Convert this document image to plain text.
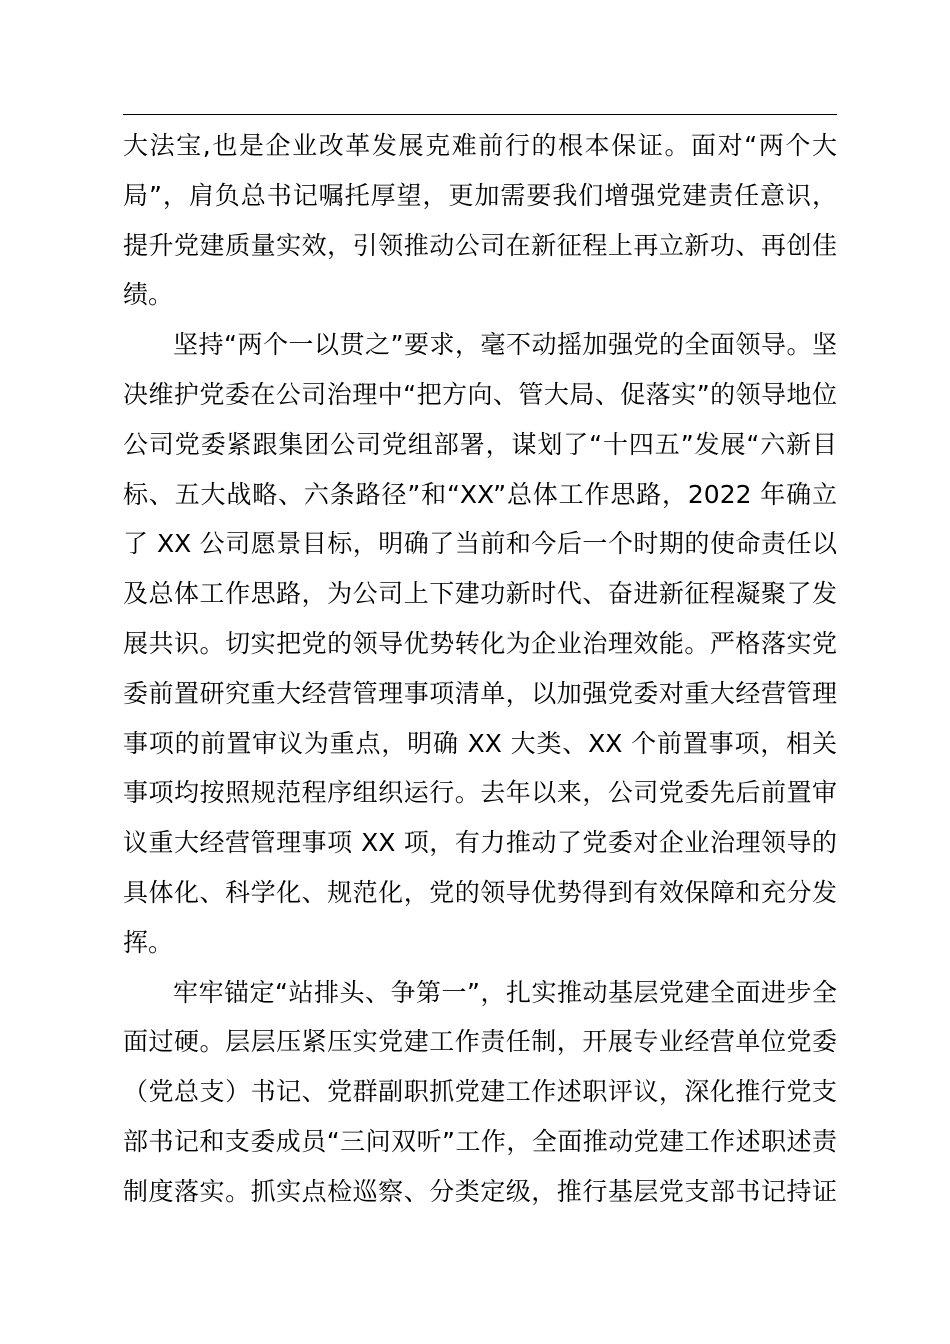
大法宝,也是企业改革发展克难前行的根本保证。面对“两个大
局”，肩负总书记嘱托厚望，更加需要我们增强党建责任意识，
提升党建质量实效，引领推动公司在新征程上再立新功、再创佳
绩。
坚持“两个一以贯之”要求，毫不动摇加强党的全面领导。坚
决维护党委在公司治理中“把方向、管大局、促落实”的领导地位
公司党委紧跟集团公司党组部署，谋划了“十四五”发展“六新目
标、五大战略、六条路径”和“XX”总体工作思路，2022 年确立
了 XX 公司愿景目标，明确了当前和今后一个时期的使命责任以
及总体工作思路，为公司上下建功新时代、奋进新征程凝聚了发
展共识。切实把党的领导优势转化为企业治理效能。严格落实党
委前置研究重大经营管理事项清单，以加强党委对重大经营管理
事项的前置审议为重点，明确 XX 大类、XX 个前置事项，相关
事项均按照规范程序组织运行。去年以来，公司党委先后前置审
议重大经营管理事项 XX 项，有力推动了党委对企业治理领导的
具体化、科学化、规范化，党的领导优势得到有效保障和充分发
挥。
牢牢锚定“站排头、争第一”，扎实推动基层党建全面进步全
面过硬。层层压紧压实党建工作责任制，开展专业经营单位党委
（党总支）书记、党群副职抓党建工作述职评议，深化推行党支
部书记和支委成员“三问双听”工作，全面推动党建工作述职述责
制度落实。抓实点检巡察、分类定级，推行基层党支部书记持证
